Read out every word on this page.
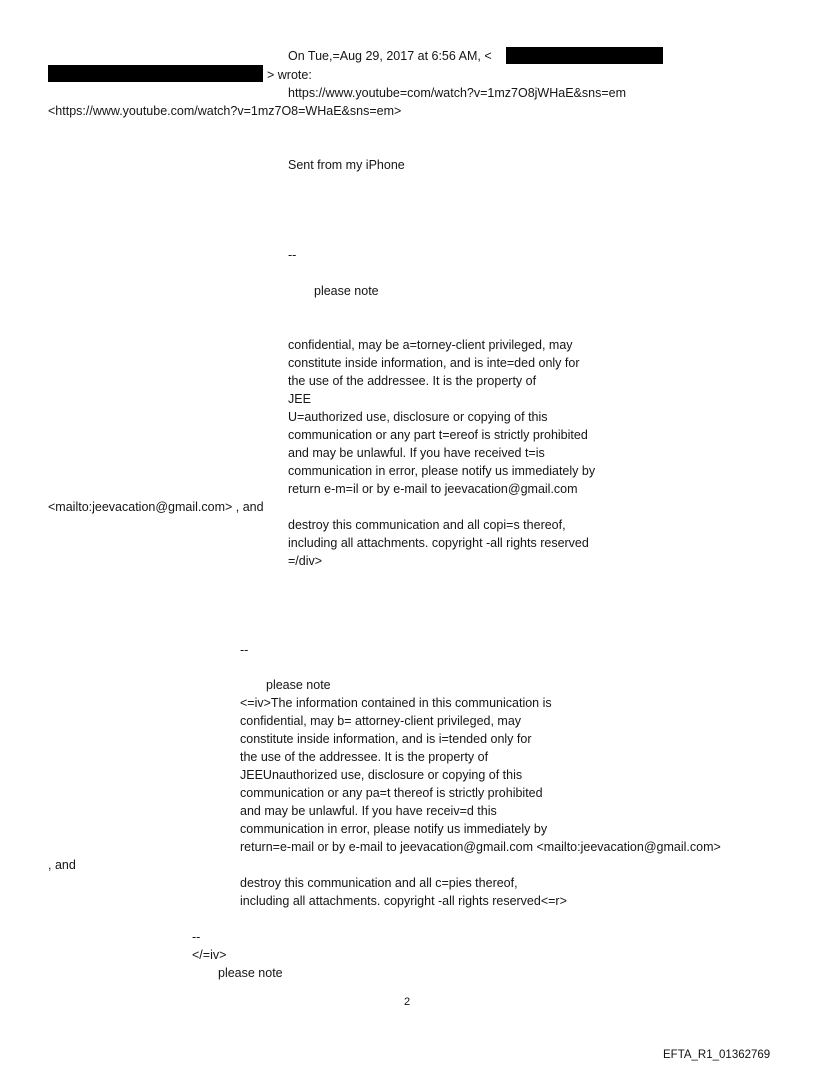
On Tue,=Aug 29, 2017 at 6:56 AM, <
> wrote:
https://www.youtube=com/watch?v=1mz7O8jWHaE&sns=em
<https://www.youtube.com/watch?v=1mz7O8=WHaE&sns=em>
Sent from my iPhone
--
please note
confidential, may be a=torney-client privileged, may
constitute inside information, and is inte=ded only for
the use of the addressee. It is the property of
JEE
U=authorized use, disclosure or copying of this
communication or any part t=ereof is strictly prohibited
and may be unlawful. If you have received t=is
communication in error, please notify us immediately by
return e-m=il or by e-mail to jeevacation@gmail.com
<mailto:jeevacation@gmail.com> , and
destroy this communication and all copi=s thereof,
including all attachments. copyright -all rights reserved
=/div>
--
please note
<=iv>The information contained in this communication is
confidential, may b= attorney-client privileged, may
constitute inside information, and is i=tended only for
the use of the addressee. It is the property of
JEEUnauthorized use, disclosure or copying of this
communication or any pa=t thereof is strictly prohibited
and may be unlawful. If you have receiv=d this
communication in error, please notify us immediately by
return=e-mail or by e-mail to jeevacation@gmail.com <mailto:jeevacation@gmail.com>
, and
destroy this communication and all c=pies thereof,
including all attachments. copyright -all rights reserved<=r>
--
</=iv>
please note
2
EFTA_R1_01362769
